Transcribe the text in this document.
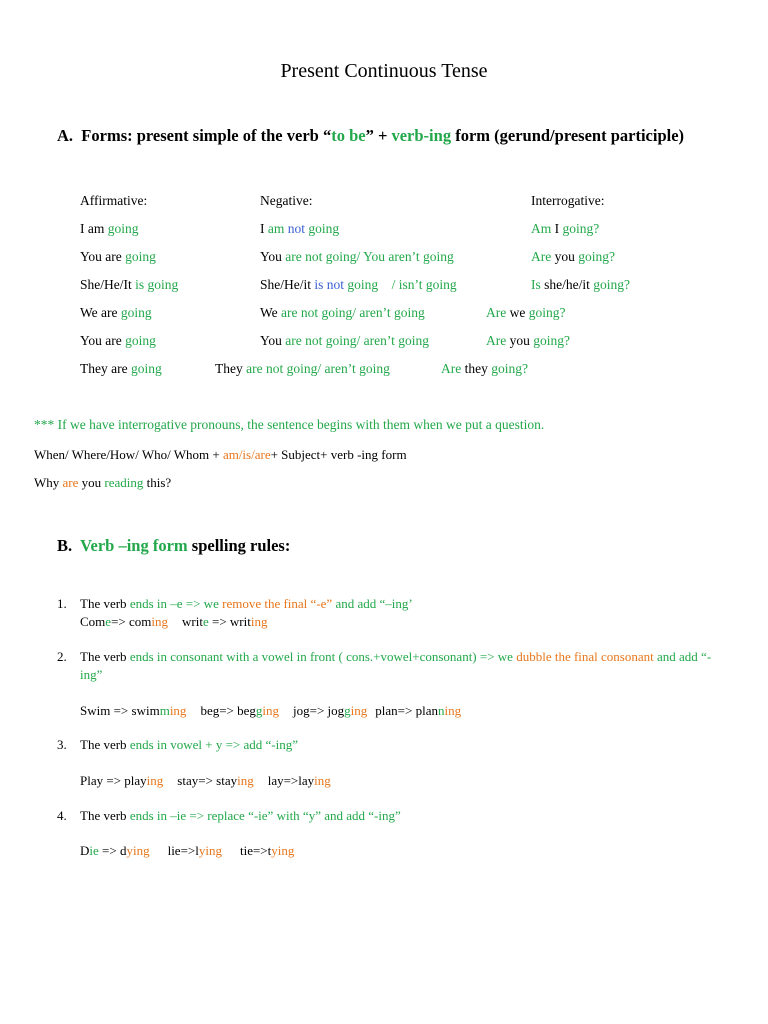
Present Continuous Tense
A. Forms: present simple of the verb “to be” + verb-ing form (gerund/present participle)
Affirmative:	Negative:	Interrogative:
I am going	I am not going	Am I going?
You are going	You are not going/ You aren’t going	Are you going?
She/He/It is going	She/He/it is not going    / isn’t going	Is she/he/it going?
We are going	We are not going/ aren’t going	Are we going?
You are going	You are not going/ aren’t going	Are you going?
They are going	They are not going/ aren’t going	Are they going?
*** If we have interrogative pronouns, the sentence begins with them when we put a question.
When/ Where/How/ Who/ Whom + am/is/are+ Subject+ verb -ing form
Why are you reading this?
B. Verb –ing form spelling rules:
1. The verb ends in –e => we remove the final “-e” and add “–ing’
Come=> coming write => writing
2. The verb ends in consonant with a vowel in front ( cons.+vowel+consonant) => we dubble the final consonant and add “-
ing”
Swim => swimming beg=> begging jog=> jogging plan=> planning
3. The verb ends in vowel + y => add “-ing”
Play => playing stay=> staying lay=>laying
4. The verb ends in –ie => replace “-ie” with “y” and add “-ing”
Die => dying lie=>lying tie=>tying
